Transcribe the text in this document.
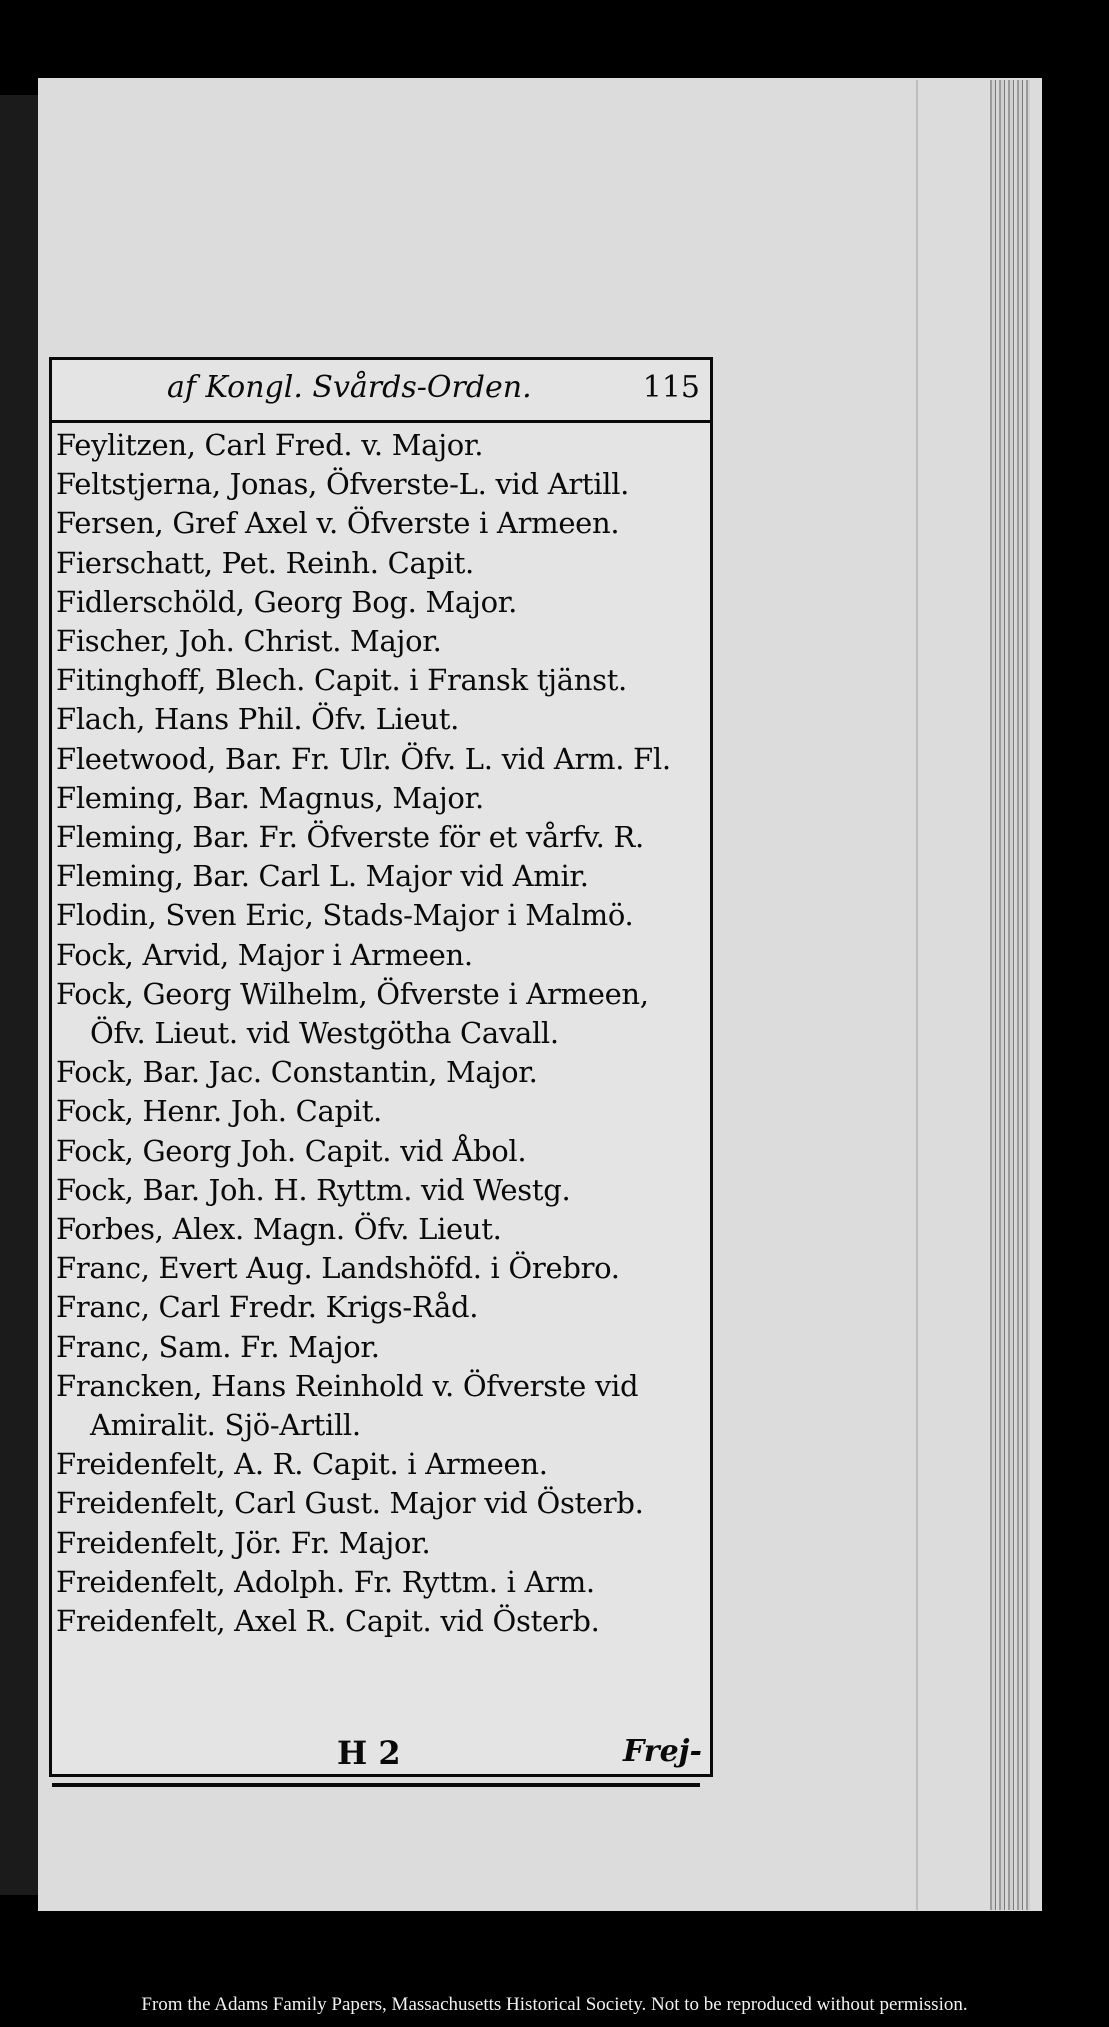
af Kongl. Svårds-Orden.	115
Feylitzen, Carl Fred. v. Major.
Feltstjerna, Jonas, Öfverste-L. vid Artill.
Fersen, Gref Axel v. Öfverste i Armeen.
Fierschatt, Pet. Reinh. Capit.
Fidlerschöld, Georg Bog. Major.
Fischer, Joh. Christ. Major.
Fitinghoff, Blech. Capit. i Fransk tjänst.
Flach, Hans Phil. Öfv. Lieut.
Fleetwood, Bar. Fr. Ulr. Öfv. L. vid Arm. Fl.
Fleming, Bar. Magnus, Major.
Fleming, Bar. Fr. Öfverste för et vårfv. R.
Fleming, Bar. Carl L. Major vid Amir.
Flodin, Sven Eric, Stads-Major i Malmö.
Fock, Arvid, Major i Armeen.
Fock, Georg Wilhelm, Öfverste i Armeen,
Öfv. Lieut. vid Westgötha Cavall.
Fock, Bar. Jac. Constantin, Major.
Fock, Henr. Joh. Capit.
Fock, Georg Joh. Capit. vid Åbol.
Fock, Bar. Joh. H. Ryttm. vid Westg.
Forbes, Alex. Magn. Öfv. Lieut.
Franc, Evert Aug. Landshöfd. i Örebro.
Franc, Carl Fredr. Krigs-Råd.
Franc, Sam. Fr. Major.
Francken, Hans Reinhold v. Öfverste vid
Amiralit. Sjö-Artill.
Freidenfelt, A. R. Capit. i Armeen.
Freidenfelt, Carl Gust. Major vid Österb.
Freidenfelt, Jör. Fr. Major.
Freidenfelt, Adolph. Fr. Ryttm. i Arm.
Freidenfelt, Axel R. Capit. vid Österb.
H 2	Frej-
From the Adams Family Papers, Massachusetts Historical Society. Not to be reproduced without permission.
